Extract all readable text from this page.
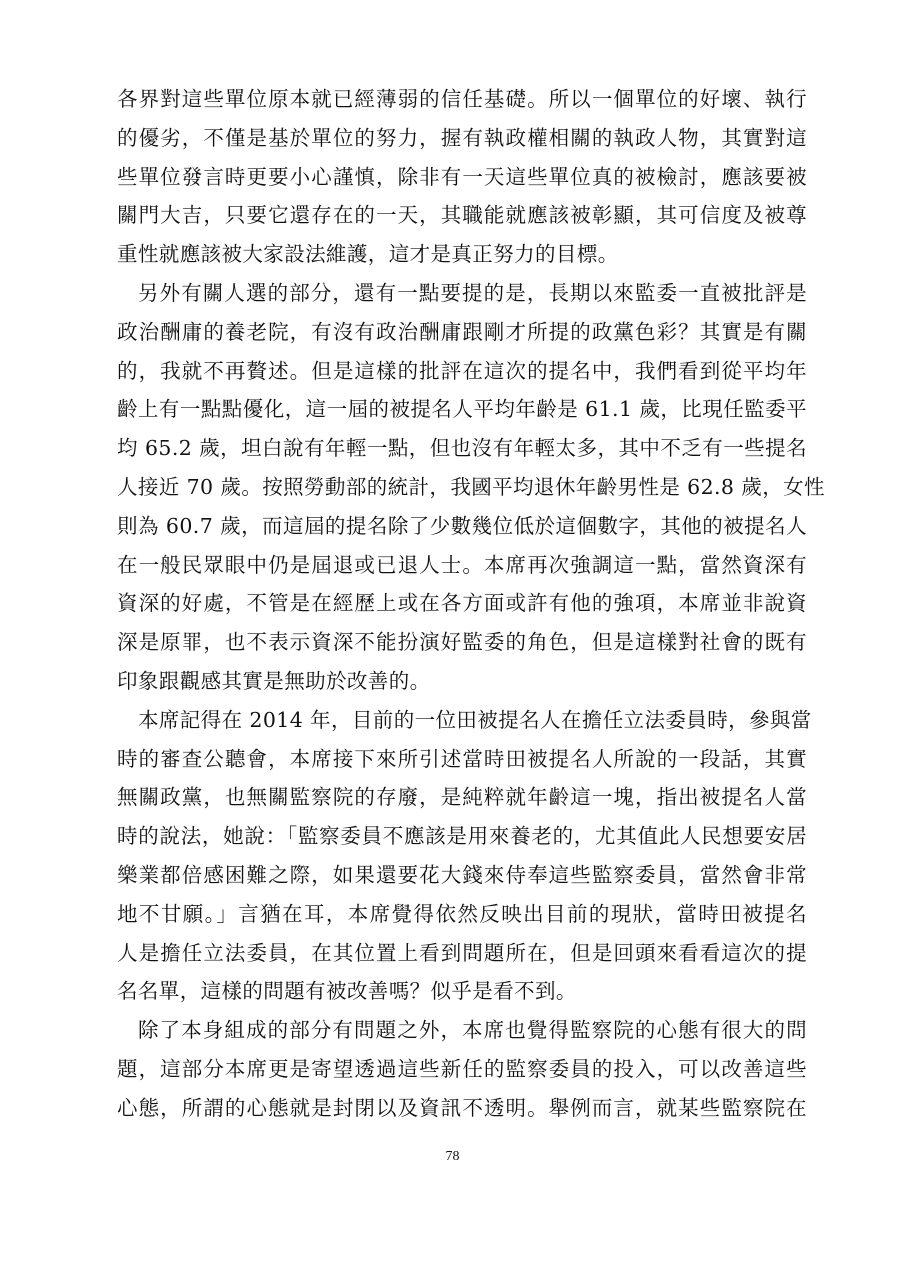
各界對這些單位原本就已經薄弱的信任基礎。所以一個單位的好壞、執行
的優劣，不僅是基於單位的努力，握有執政權相關的執政人物，其實對這
些單位發言時更要小心謹慎，除非有一天這些單位真的被檢討，應該要被
關門大吉，只要它還存在的一天，其職能就應該被彰顯，其可信度及被尊
重性就應該被大家設法維護，這才是真正努力的目標。
另外有關人選的部分，還有一點要提的是，長期以來監委一直被批評是
政治酬庸的養老院，有沒有政治酬庸跟剛才所提的政黨色彩？其實是有關
的，我就不再贅述。但是這樣的批評在這次的提名中，我們看到從平均年
齡上有一點點優化，這一屆的被提名人平均年齡是 61.1 歲，比現任監委平
均 65.2 歲，坦白說有年輕一點，但也沒有年輕太多，其中不乏有一些提名
人接近 70 歲。按照勞動部的統計，我國平均退休年齡男性是 62.8 歲，女性
則為 60.7 歲，而這屆的提名除了少數幾位低於這個數字，其他的被提名人
在一般民眾眼中仍是屆退或已退人士。本席再次強調這一點，當然資深有
資深的好處，不管是在經歷上或在各方面或許有他的強項，本席並非說資
深是原罪，也不表示資深不能扮演好監委的角色，但是這樣對社會的既有
印象跟觀感其實是無助於改善的。
本席記得在 2014 年，目前的一位田被提名人在擔任立法委員時，參與當
時的審查公聽會，本席接下來所引述當時田被提名人所說的一段話，其實
無關政黨，也無關監察院的存廢，是純粹就年齡這一塊，指出被提名人當
時的說法，她說：「監察委員不應該是用來養老的，尤其值此人民想要安居
樂業都倍感困難之際，如果還要花大錢來侍奉這些監察委員，當然會非常
地不甘願。」言猶在耳，本席覺得依然反映出目前的現狀，當時田被提名
人是擔任立法委員，在其位置上看到問題所在，但是回頭來看看這次的提
名名單，這樣的問題有被改善嗎？似乎是看不到。
除了本身組成的部分有問題之外，本席也覺得監察院的心態有很大的問
題，這部分本席更是寄望透過這些新任的監察委員的投入，可以改善這些
心態，所謂的心態就是封閉以及資訊不透明。舉例而言，就某些監察院在
78
